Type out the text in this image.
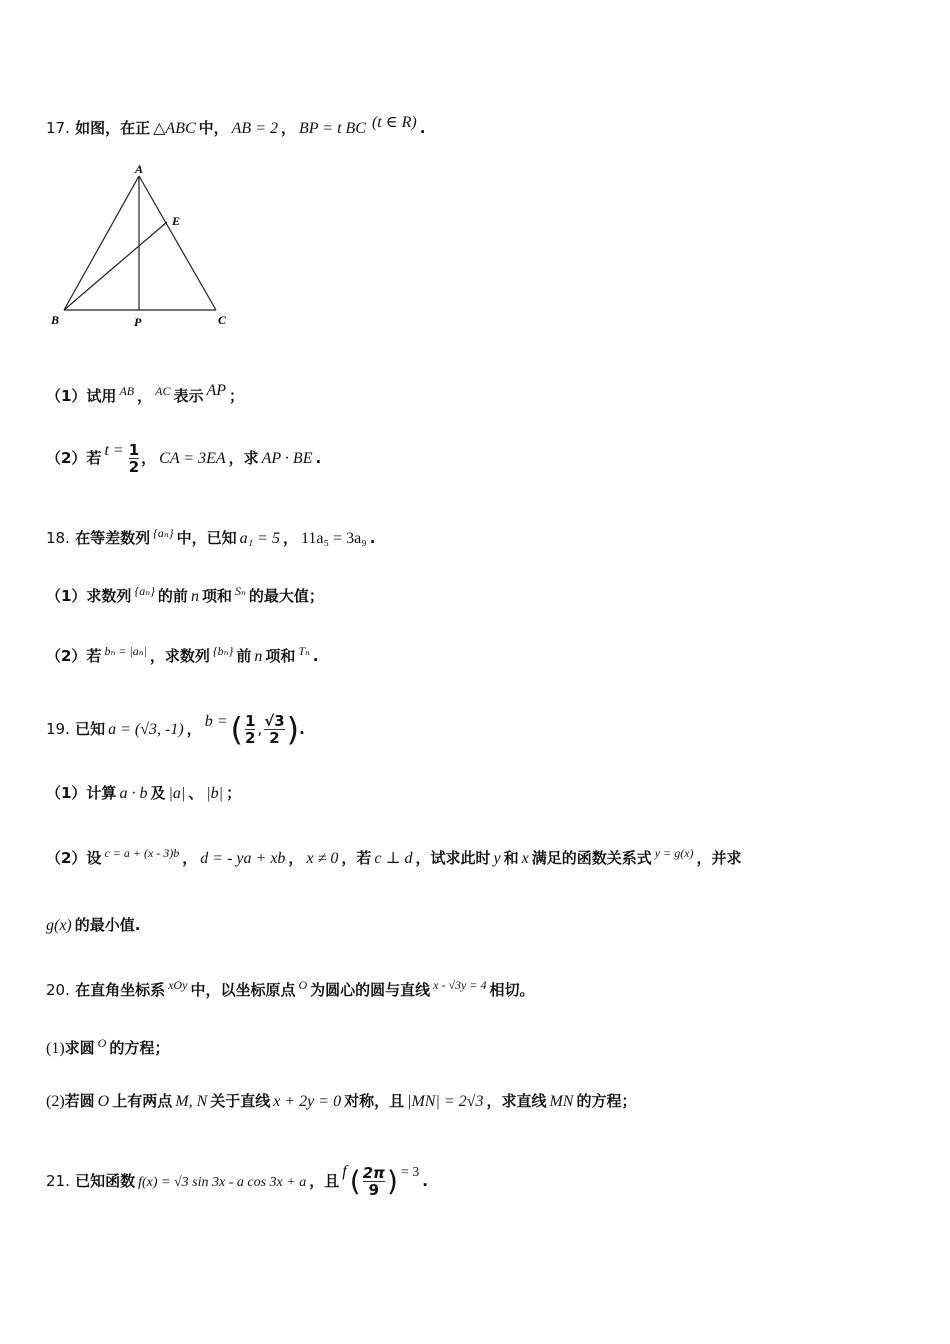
17. 如图，在正 △ABC 中， AB = 2 ， BP = t BC (t ∈ R) .
A
E
B	P	C
（1）试用 $^{AB}$ ， $^{AC}$ 表示 AP ；
（2）若 $t = \frac{1}{2}$ ， CA = 3EA ，求 AP · BE .
18. 在等差数列 $^{\{a_n\}}$ 中，已知 a₁ = 5 ， 11a₅ = 3a₉ .
（1）求数列 $^{\{a_n\}}$ 的前 n 项和 $^{S_n}$ 的最大值；
（2）若 $^{b_n = |a_n|}$ ，求数列 $^{\{b_n\}}$ 前 n 项和 $^{T_n}$ .
19. 已知 a = (√3, -1) ， b =( $\frac{1}{2}$ , $\frac{√3}{2}$ ).
（1）计算 a · b 及 |a| 、 |b| ；
（2）设 $^{c = a + (x - 3)b}$ ， d = - ya + xb ， x ≠ 0 ，若 c ⊥ d ，试求此时 y 和 x 满足的函数关系式 $^{y = g(x)}$ ，并求
g(x) 的最小值.
20. 在直角坐标系 $^{xOy}$ 中，以坐标原点 $^O$ 为圆心的圆与直线 $^{x - √3y = 4}$ 相切。
(1)求圆 $^O$ 的方程；
(2)若圆 O 上有两点 M, N 关于直线 x + 2y = 0 对称，且 |MN| = 2√3 ，求直线 MN 的方程；
21. 已知函数 f(x) = √3 sin 3x - a cos 3x + a ，且f ( $\frac{2\pi}{9}$ ) = 3 .
